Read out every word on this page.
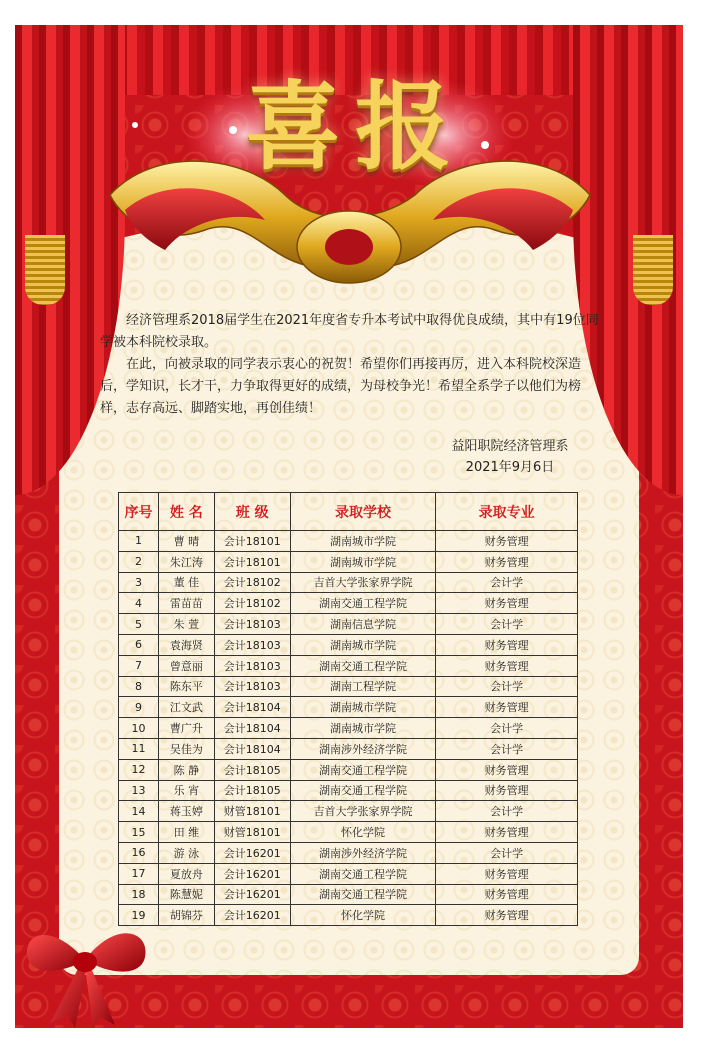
喜报

经济管理系2018届学生在2021年度省专升本考试中取得优良成绩，其中有19位同学被本科院校录取。

在此，向被录取的同学表示衷心的祝贺！希望你们再接再厉，进入本科院校深造后，学知识，长才干，力争取得更好的成绩，为母校争光！希望全系学子以他们为榜样，志存高远、脚踏实地，再创佳绩！

益阳职院经济管理系
2021年9月6日
序号	姓 名	班 级	录取学校	录取专业
1	曹 晴	会计18101	湖南城市学院	财务管理
2	朱江涛	会计18101	湖南城市学院	财务管理
3	董 佳	会计18102	吉首大学张家界学院	会计学
4	雷苗苗	会计18102	湖南交通工程学院	财务管理
5	朱 萱	会计18103	湖南信息学院	会计学
6	袁海贤	会计18103	湖南城市学院	财务管理
7	曾意丽	会计18103	湖南交通工程学院	财务管理
8	陈东平	会计18103	湖南工程学院	会计学
9	江文武	会计18104	湖南城市学院	财务管理
10	曹广升	会计18104	湖南城市学院	会计学
11	吴佳为	会计18104	湖南涉外经济学院	会计学
12	陈 静	会计18105	湖南交通工程学院	财务管理
13	乐 宵	会计18105	湖南交通工程学院	财务管理
14	蒋玉婷	财管18101	吉首大学张家界学院	会计学
15	田 维	财管18101	怀化学院	财务管理
16	游 泳	会计16201	湖南涉外经济学院	会计学
17	夏放舟	会计16201	湖南交通工程学院	财务管理
18	陈慧妮	会计16201	湖南交通工程学院	财务管理
19	胡锦芬	会计16201	怀化学院	财务管理
